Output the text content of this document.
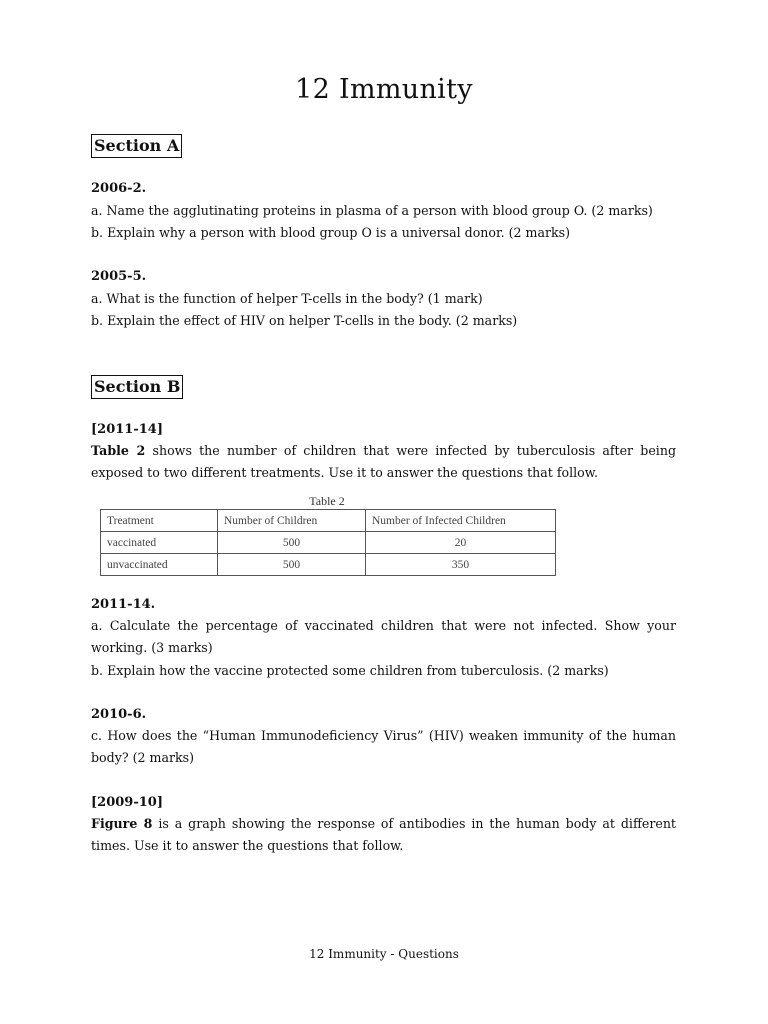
12 Immunity
Section A
2006-2.
a. Name the agglutinating proteins in plasma of a person with blood group O. (2 marks)
b. Explain why a person with blood group O is a universal donor. (2 marks)
2005-5.
a. What is the function of helper T-cells in the body? (1 mark)
b. Explain the effect of HIV on helper T-cells in the body. (2 marks)
Section B
[2011-14]
Table 2 shows the number of children that were infected by tuberculosis after being exposed to two different treatments. Use it to answer the questions that follow.
Table 2
Treatment	Number of Children	Number of Infected Children
vaccinated	500	20
unvaccinated	500	350
2011-14.
a. Calculate the percentage of vaccinated children that were not infected. Show your working. (3 marks)
b. Explain how the vaccine protected some children from tuberculosis. (2 marks)
2010-6.
c. How does the “Human Immunodeficiency Virus” (HIV) weaken immunity of the human body? (2 marks)
[2009-10]
Figure 8 is a graph showing the response of antibodies in the human body at different times. Use it to answer the questions that follow.
12 Immunity - Questions
